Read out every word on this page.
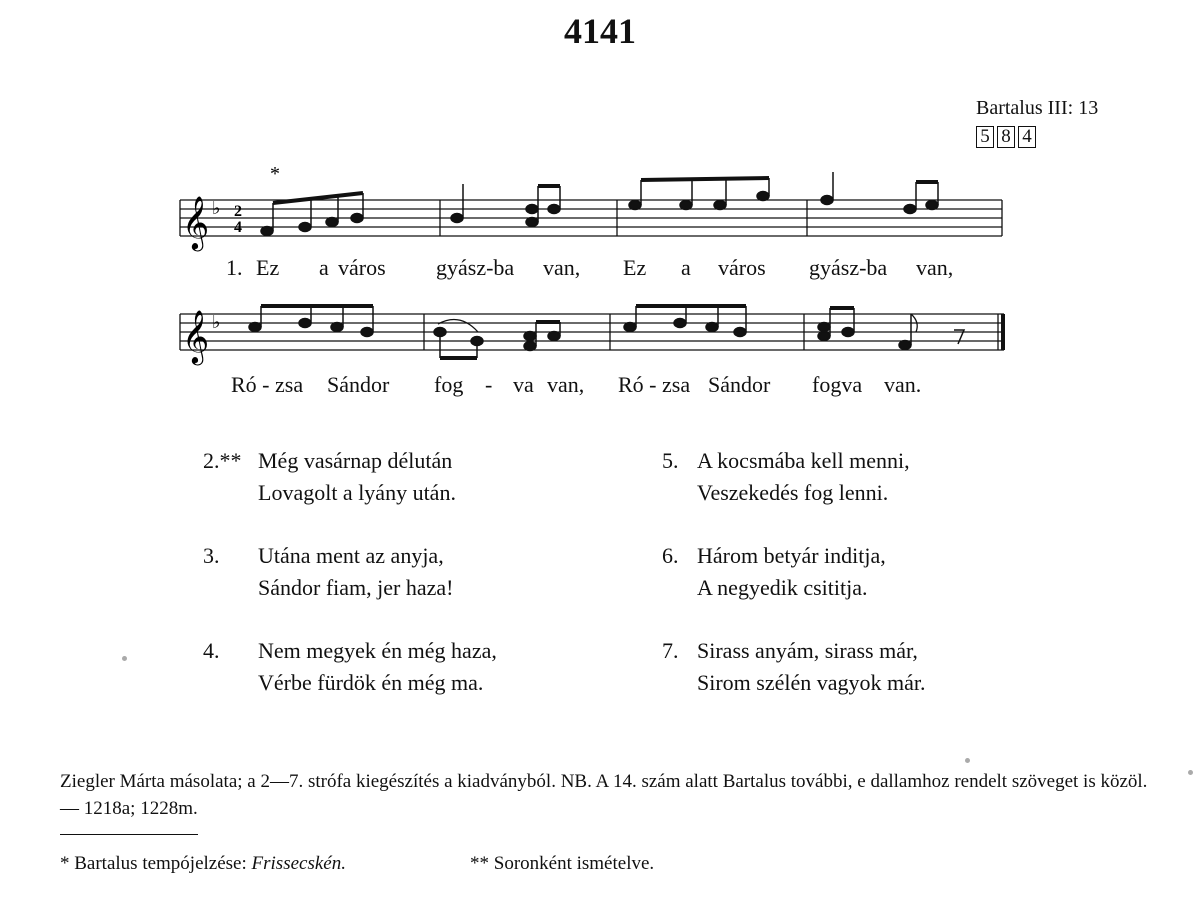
4141
Bartalus III: 13
5 8 4
𝄞 ♭ 2
4
*
1. Ez a város gyász-ba van, Ez a város gyász-ba van,
𝄞 ♭
Ró - zsa Sándor fog - va van, Ró - zsa Sándor fogva van.
2.** Még vasárnap délután
Lovagolt a lyány után.
3. Utána ment az anyja,
Sándor fiam, jer haza!
4. Nem megyek én még haza,
Vérbe fürdök én még ma.
5. A kocsmába kell menni,
Veszekedés fog lenni.
6. Három betyár inditja,
A negyedik csititja.
7. Sirass anyám, sirass már,
Sirom szélén vagyok már.
Ziegler Márta másolata; a 2—7. strófa kiegészítés a kiadványból. NB. A 14. szám alatt Bartalus további, e dallamhoz rendelt szöveget is közöl. — 1218a; 1228m.
* Bartalus tempójelzése: Frissecskén.	** Soronként ismételve.
